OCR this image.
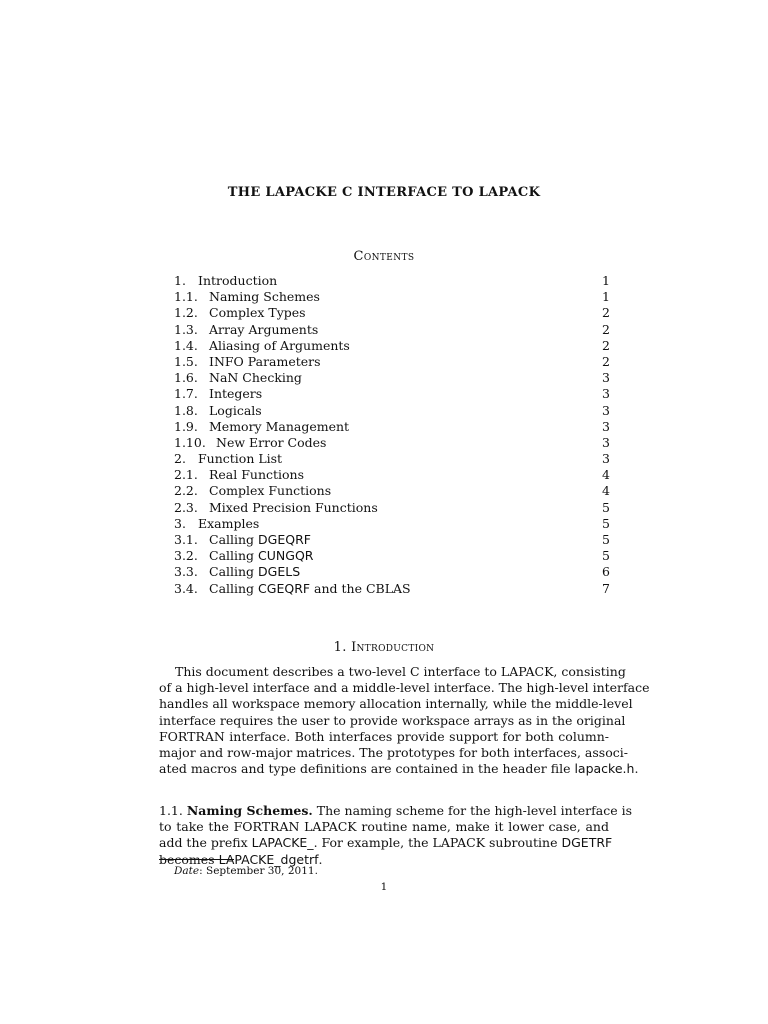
THE LAPACKE C INTERFACE TO LAPACK
Contents
1. Introduction	1
1.1. Naming Schemes	1
1.2. Complex Types	2
1.3. Array Arguments	2
1.4. Aliasing of Arguments	2
1.5. INFO Parameters	2
1.6. NaN Checking	3
1.7. Integers	3
1.8. Logicals	3
1.9. Memory Management	3
1.10. New Error Codes	3
2. Function List	3
2.1. Real Functions	4
2.2. Complex Functions	4
2.3. Mixed Precision Functions	5
3. Examples	5
3.1. Calling DGEQRF	5
3.2. Calling CUNGQR	5
3.3. Calling DGELS	6
3.4. Calling CGEQRF and the CBLAS	7
1. Introduction
This document describes a two-level C interface to LAPACK, consisting
of a high-level interface and a middle-level interface. The high-level interface
handles all workspace memory allocation internally, while the middle-level
interface requires the user to provide workspace arrays as in the original
FORTRAN interface. Both interfaces provide support for both column-
major and row-major matrices. The prototypes for both interfaces, associ-
ated macros and type definitions are contained in the header file lapacke.h.
1.1. Naming Schemes. The naming scheme for the high-level interface is
to take the FORTRAN LAPACK routine name, make it lower case, and
add the prefix LAPACKE_. For example, the LAPACK subroutine DGETRF
becomes LAPACKE_dgetrf.
Date: September 30, 2011.
1
